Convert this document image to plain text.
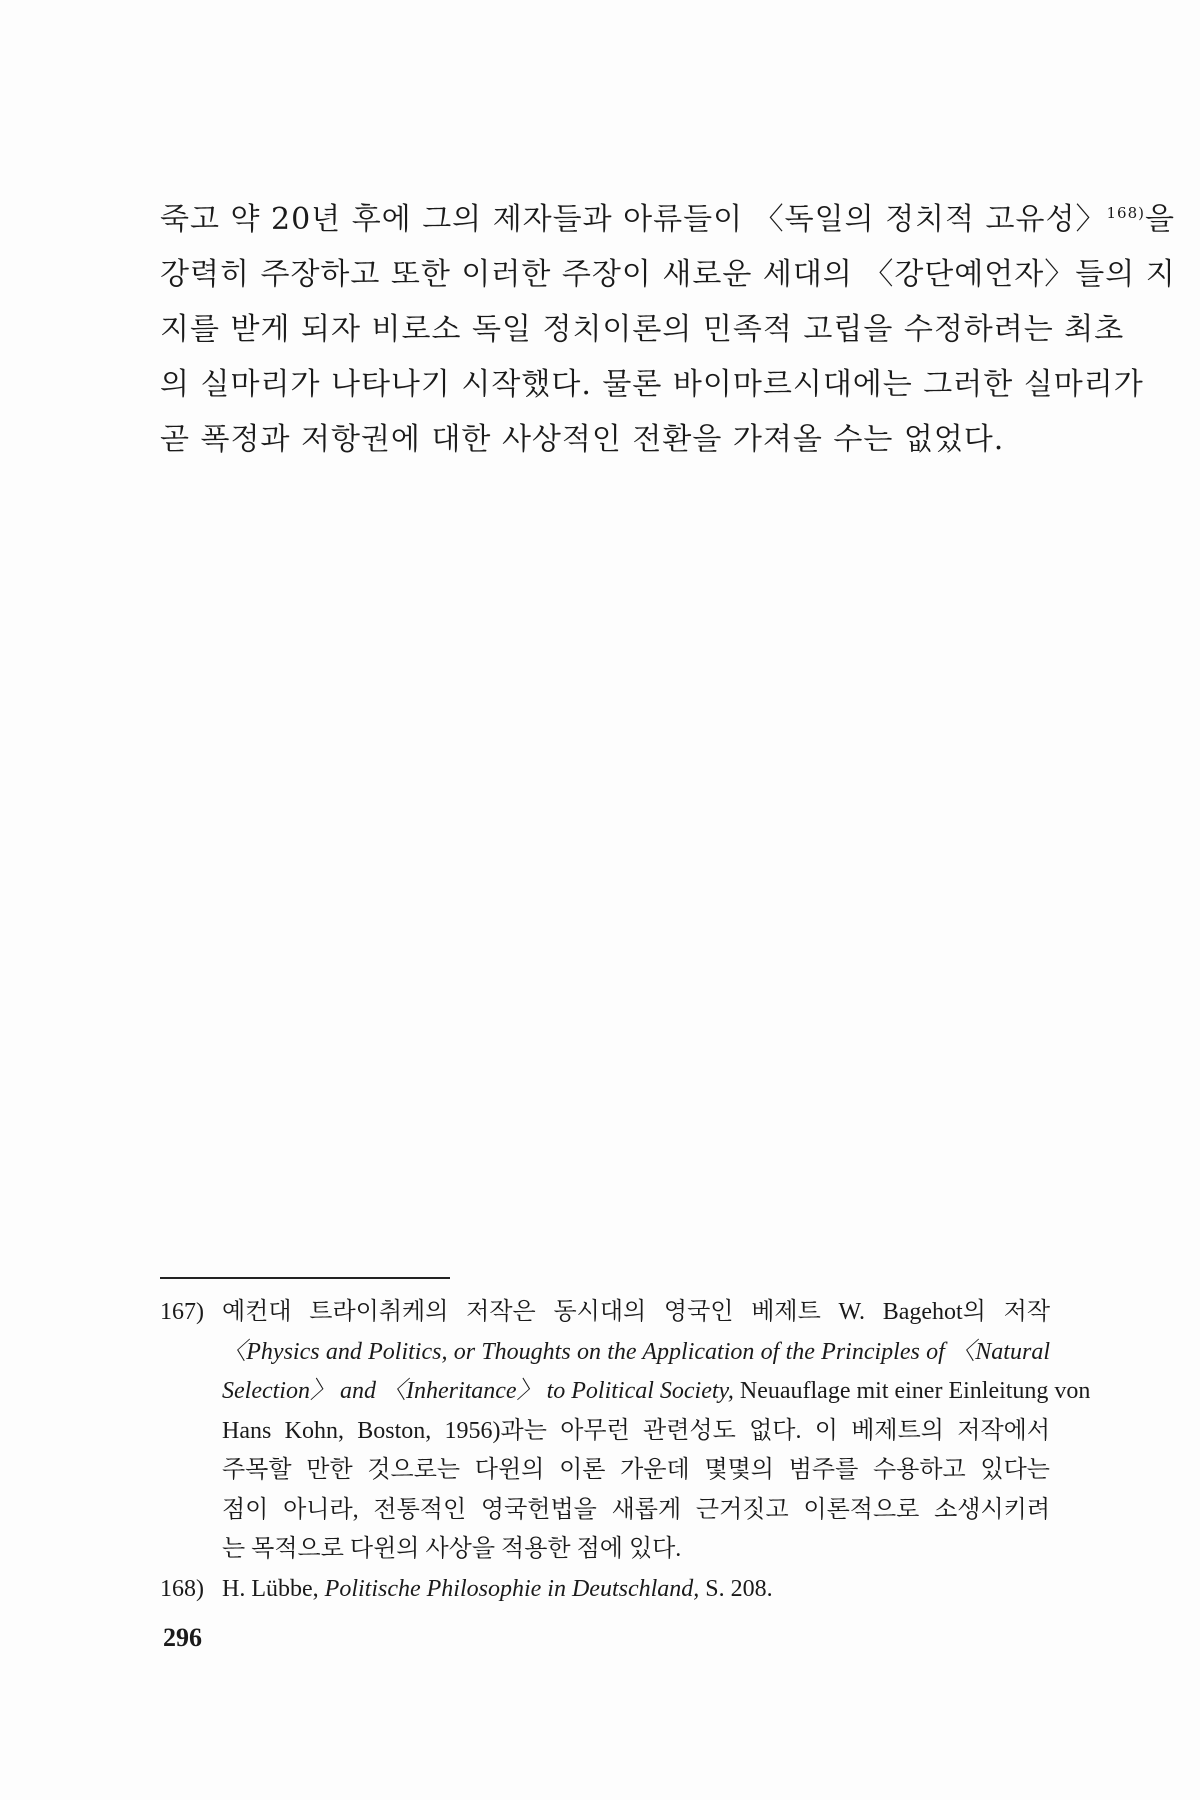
죽고 약 20년 후에 그의 제자들과 아류들이 〈독일의 정치적 고유성〉$^{168)}$을
강력히 주장하고 또한 이러한 주장이 새로운 세대의 〈강단예언자〉들의 지
지를 받게 되자 비로소 독일 정치이론의 민족적 고립을 수정하려는 최초
의 실마리가 나타나기 시작했다. 물론 바이마르시대에는 그러한 실마리가
곧 폭정과 저항권에 대한 사상적인 전환을 가져올 수는 없었다.
167) 예컨대 트라이취케의 저작은 동시대의 영국인 베제트 W. Bagehot의 저작
〈Physics and Politics, or Thoughts on the Application of the Principles of 〈Natural
Selection〉 and 〈Inheritance〉 to Political Society, Neuauflage mit einer Einleitung von
Hans Kohn, Boston, 1956)과는 아무런 관련성도 없다. 이 베제트의 저작에서
주목할 만한 것으로는 다윈의 이론 가운데 몇몇의 범주를 수용하고 있다는
점이 아니라, 전통적인 영국헌법을 새롭게 근거짓고 이론적으로 소생시키려
는 목적으로 다윈의 사상을 적용한 점에 있다.
168) H. Lübbe, Politische Philosophie in Deutschland, S. 208.
296
